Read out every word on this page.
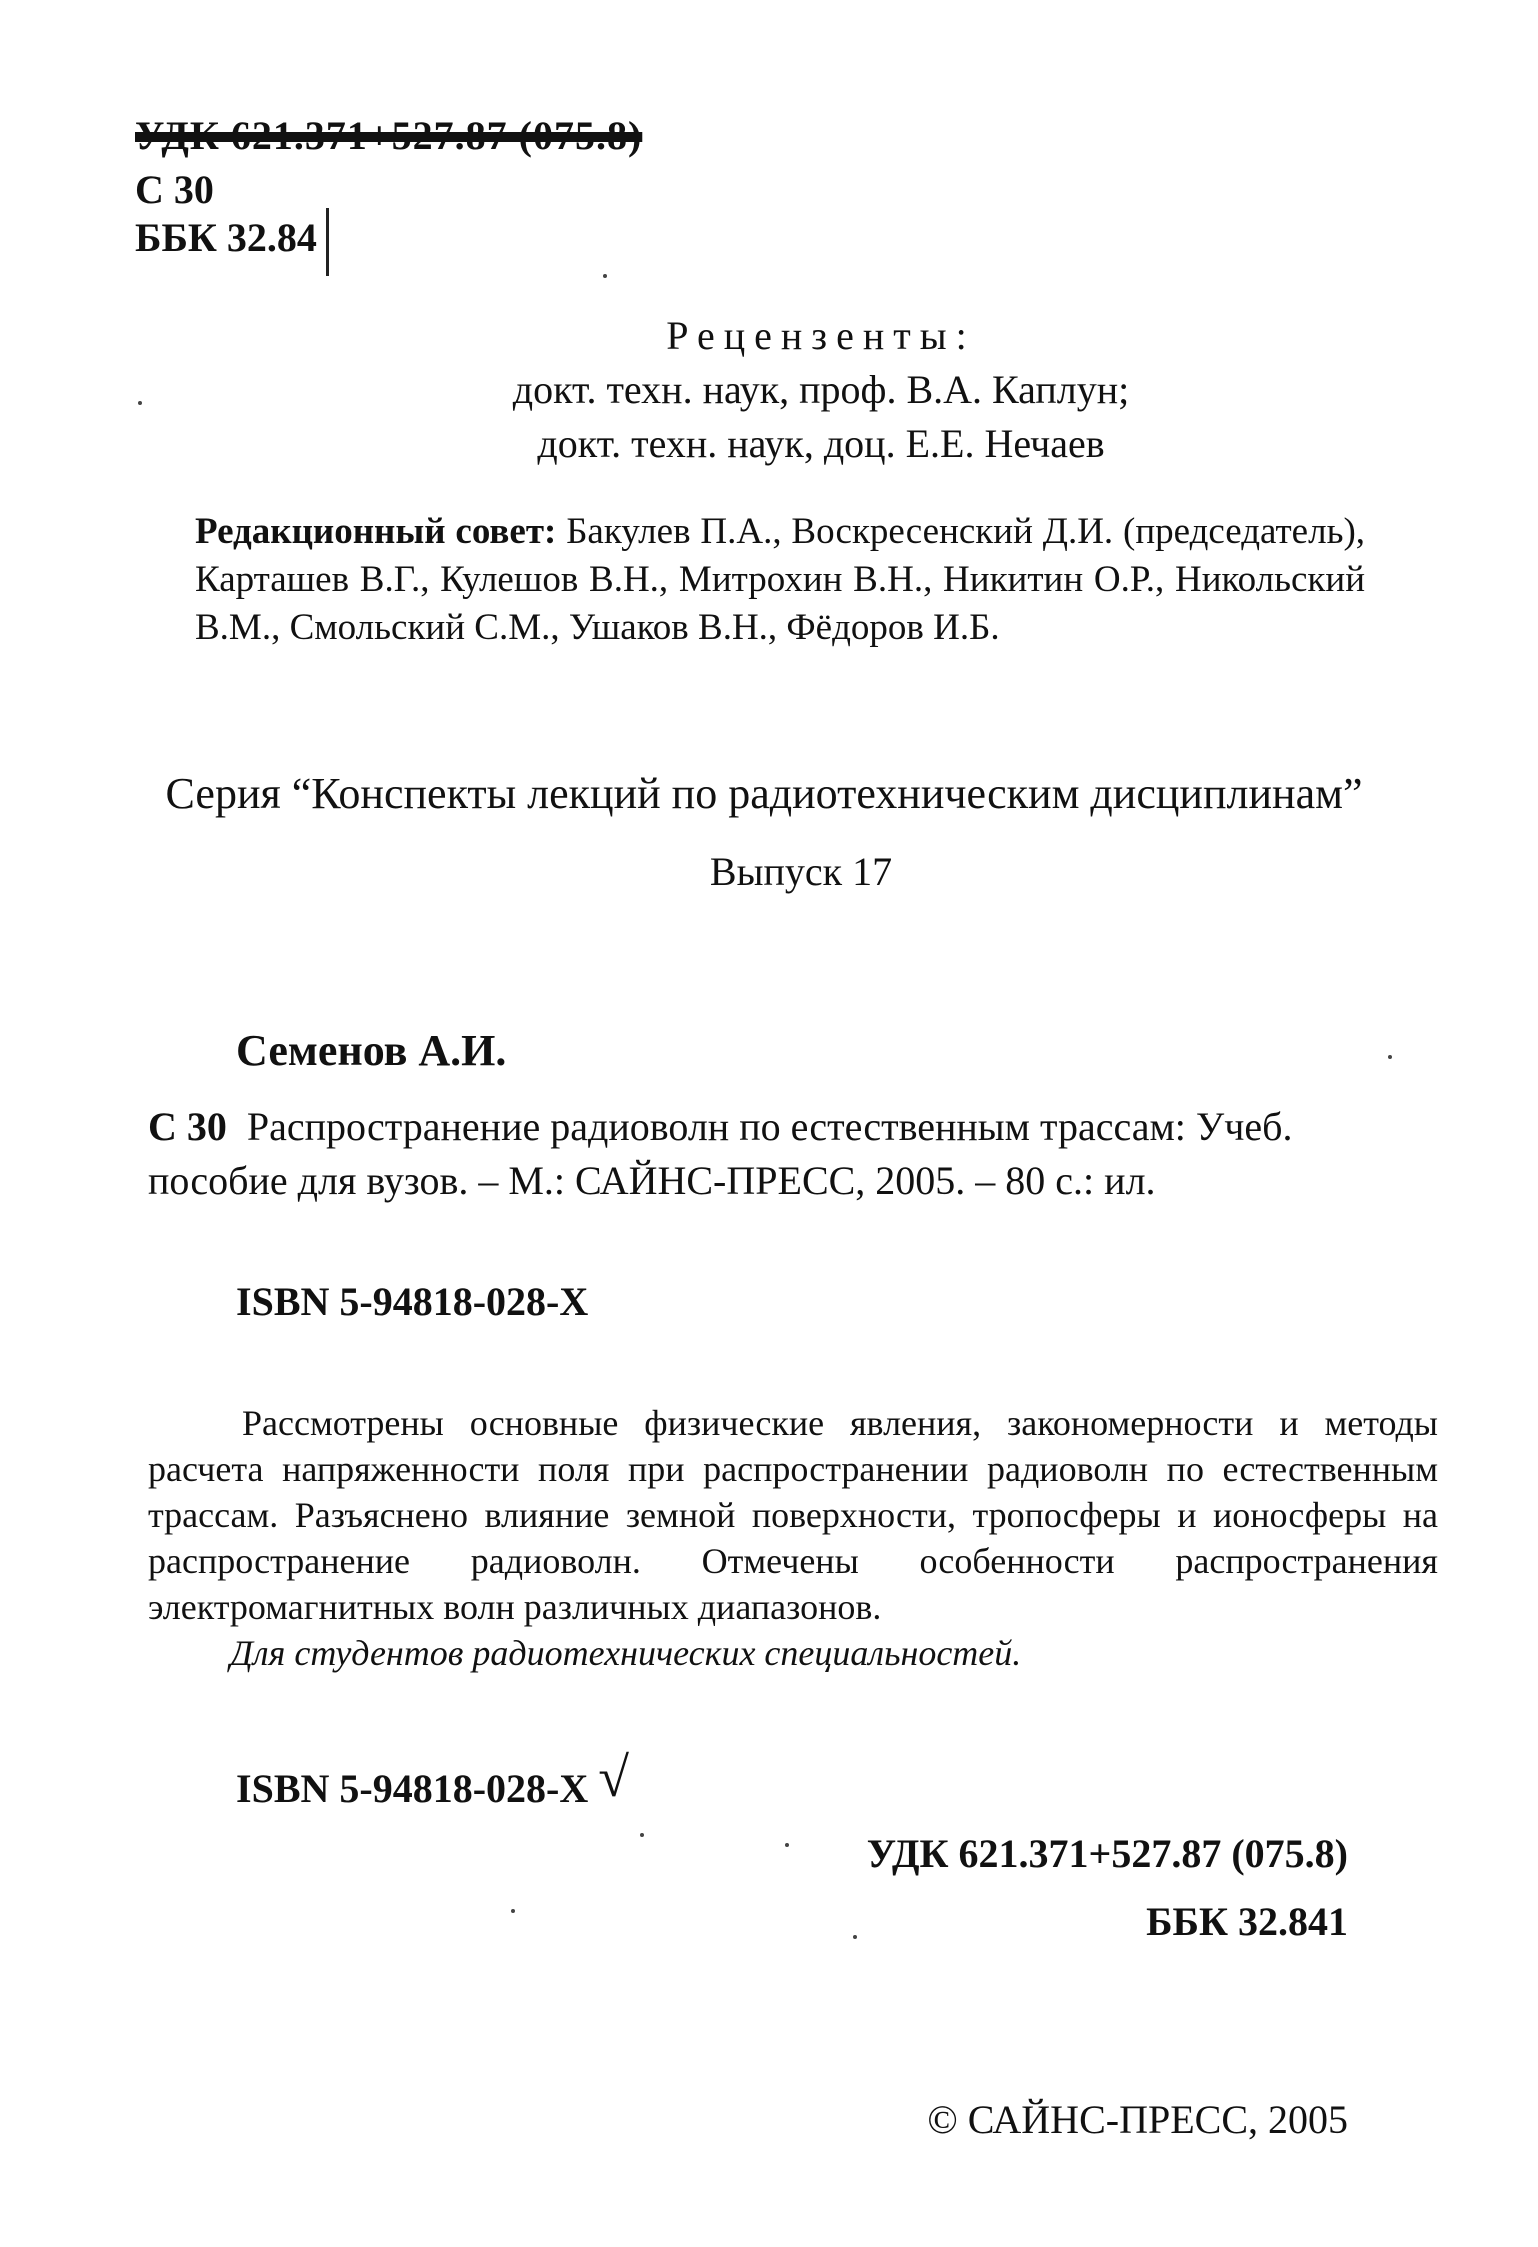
УДК 621.371+527.87 (075.8)
С 30
ББК 32.84
Рецензенты:
докт. техн. наук, проф. В.А. Каплун;
докт. техн. наук, доц. Е.Е. Нечаев
Редакционный совет: Бакулев П.А., Воскресенский Д.И. (председатель), Карташев В.Г., Кулешов В.Н., Митрохин В.Н., Никитин О.Р., Никольский В.М., Смольский С.М., Ушаков В.Н., Фёдоров И.Б.
Серия “Конспекты лекций по радиотехническим дисциплинам”
Выпуск 17
Семенов А.И.
С 30 Распространение радиоволн по естественным трассам: Учеб. пособие для вузов. – М.: САЙНС-ПРЕСС, 2005. – 80 с.: ил.
ISBN 5-94818-028-X
Рассмотрены основные физические явления, закономерности и методы расчета напряженности поля при распространении радиоволн по естественным трассам. Разъяснено влияние земной поверхности, тропосферы и ионосферы на распространение радиоволн. Отмечены особенности распространения электромагнитных волн различных диапазонов.
Для студентов радиотехнических специальностей.
ISBN 5-94818-028-X √
УДК 621.371+527.87 (075.8)
ББК 32.841
© САЙНС-ПРЕСС, 2005
